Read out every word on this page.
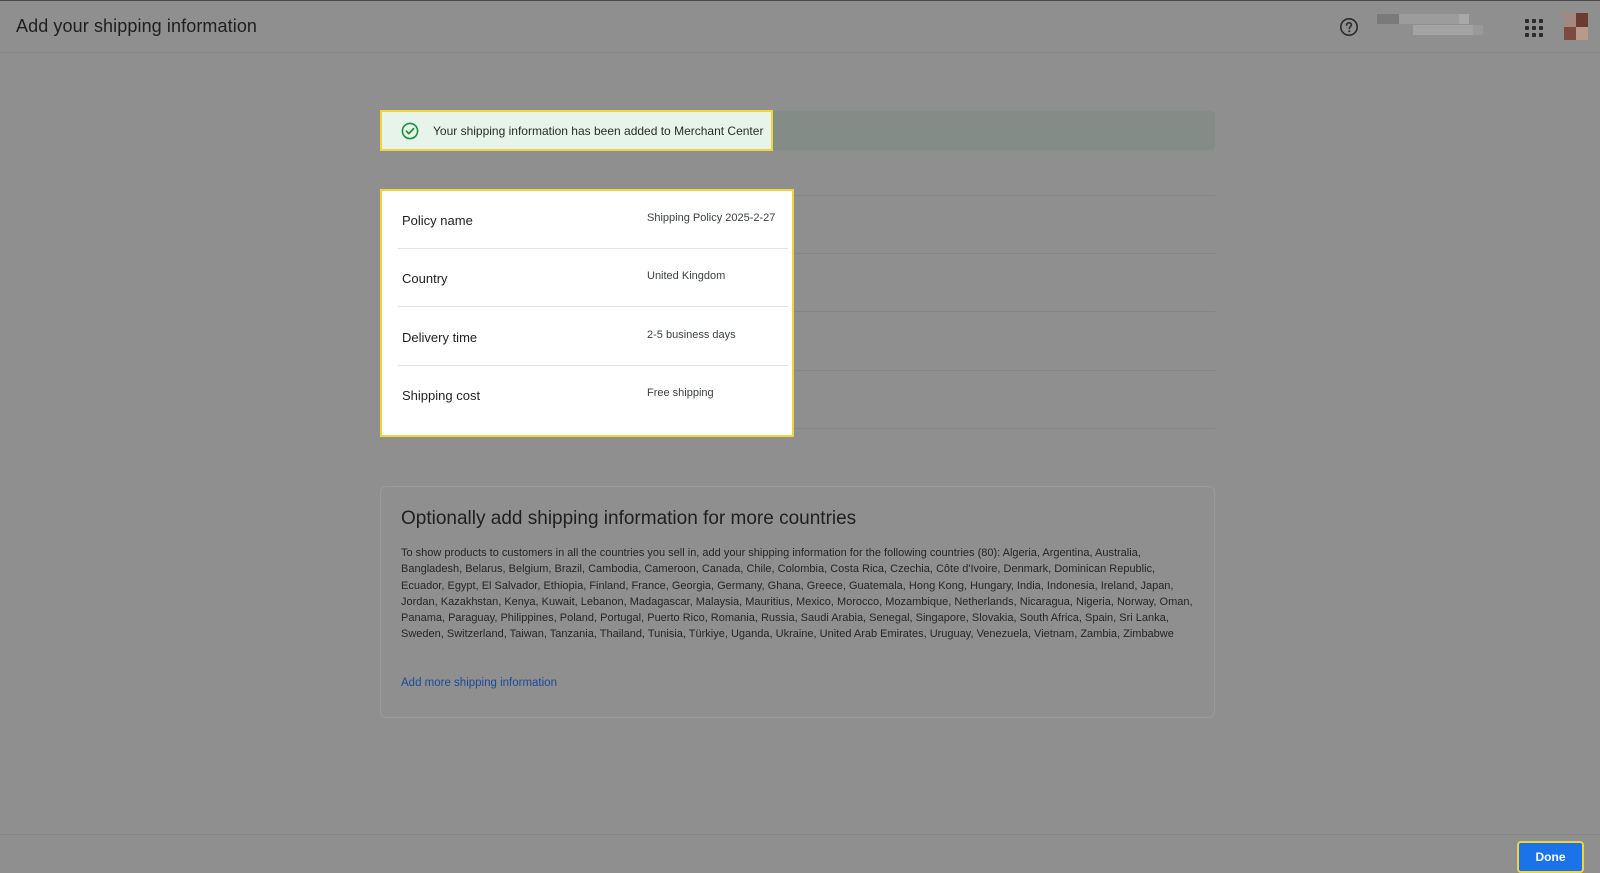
Add your shipping information
Your shipping information has been added to Merchant Center
Policy name	Shipping Policy 2025-2-27
Country	United Kingdom
Delivery time	2-5 business days
Shipping cost	Free shipping
Optionally add shipping information for more countries
To show products to customers in all the countries you sell in, add your shipping information for the following countries (80): Algeria, Argentina, Australia, Bangladesh, Belarus, Belgium, Brazil, Cambodia, Cameroon, Canada, Chile, Colombia, Costa Rica, Czechia, Côte d'Ivoire, Denmark, Dominican Republic, Ecuador, Egypt, El Salvador, Ethiopia, Finland, France, Georgia, Germany, Ghana, Greece, Guatemala, Hong Kong, Hungary, India, Indonesia, Ireland, Japan, Jordan, Kazakhstan, Kenya, Kuwait, Lebanon, Madagascar, Malaysia, Mauritius, Mexico, Morocco, Mozambique, Netherlands, Nicaragua, Nigeria, Norway, Oman, Panama, Paraguay, Philippines, Poland, Portugal, Puerto Rico, Romania, Russia, Saudi Arabia, Senegal, Singapore, Slovakia, South Africa, Spain, Sri Lanka, Sweden, Switzerland, Taiwan, Tanzania, Thailand, Tunisia, Türkiye, Uganda, Ukraine, United Arab Emirates, Uruguay, Venezuela, Vietnam, Zambia, Zimbabwe
Add more shipping information
Done
